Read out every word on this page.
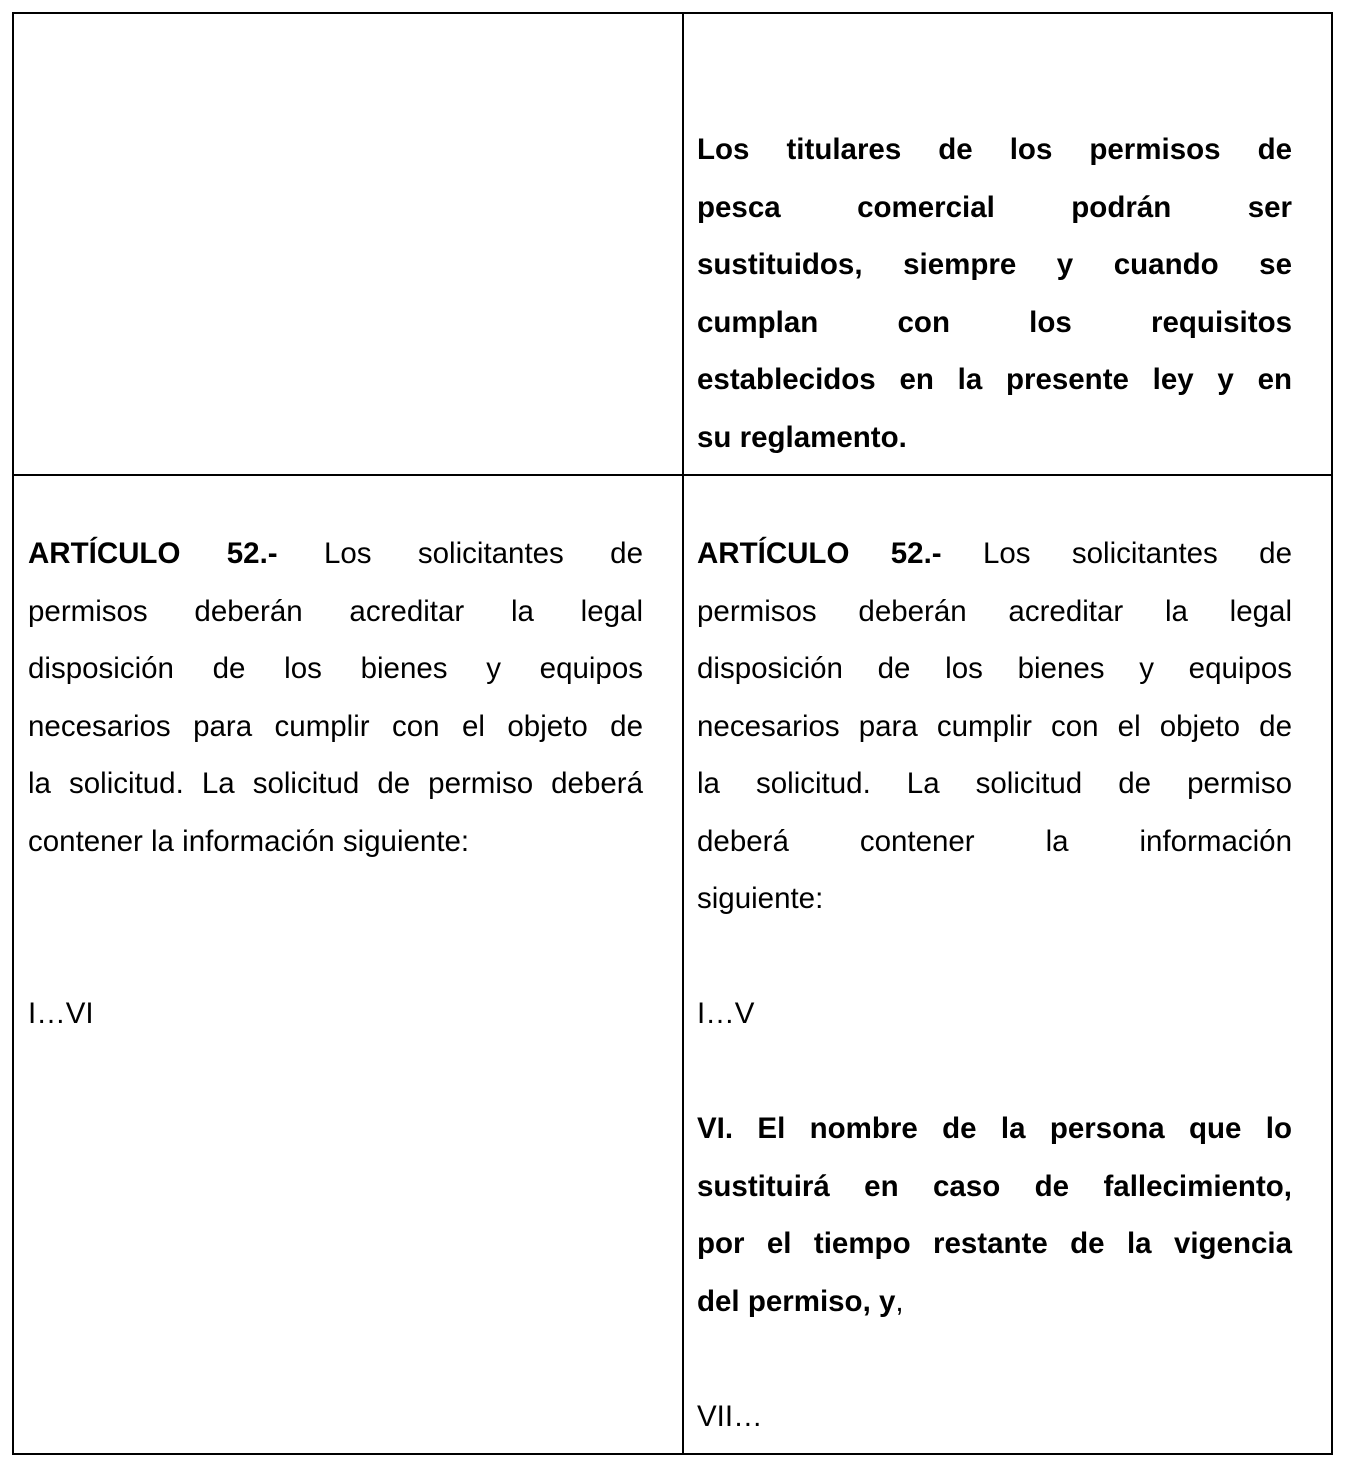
Los titulares de los permisos de
pesca comercial podrán ser
sustituidos, siempre y cuando se
cumplan con los requisitos
establecidos en la presente ley y en
su reglamento.
ARTÍCULO 52.- Los solicitantes de
permisos deberán acreditar la legal
disposición de los bienes y equipos
necesarios para cumplir con el objeto de
la solicitud. La solicitud de permiso deberá
contener la información siguiente:

I…VI

ARTÍCULO 52.- Los solicitantes de
permisos deberán acreditar la legal
disposición de los bienes y equipos
necesarios para cumplir con el objeto de
la solicitud. La solicitud de permiso
deberá contener la información
siguiente:

I…V

VI. El nombre de la persona que lo
sustituirá en caso de fallecimiento,
por el tiempo restante de la vigencia
del permiso, y,

VII…
